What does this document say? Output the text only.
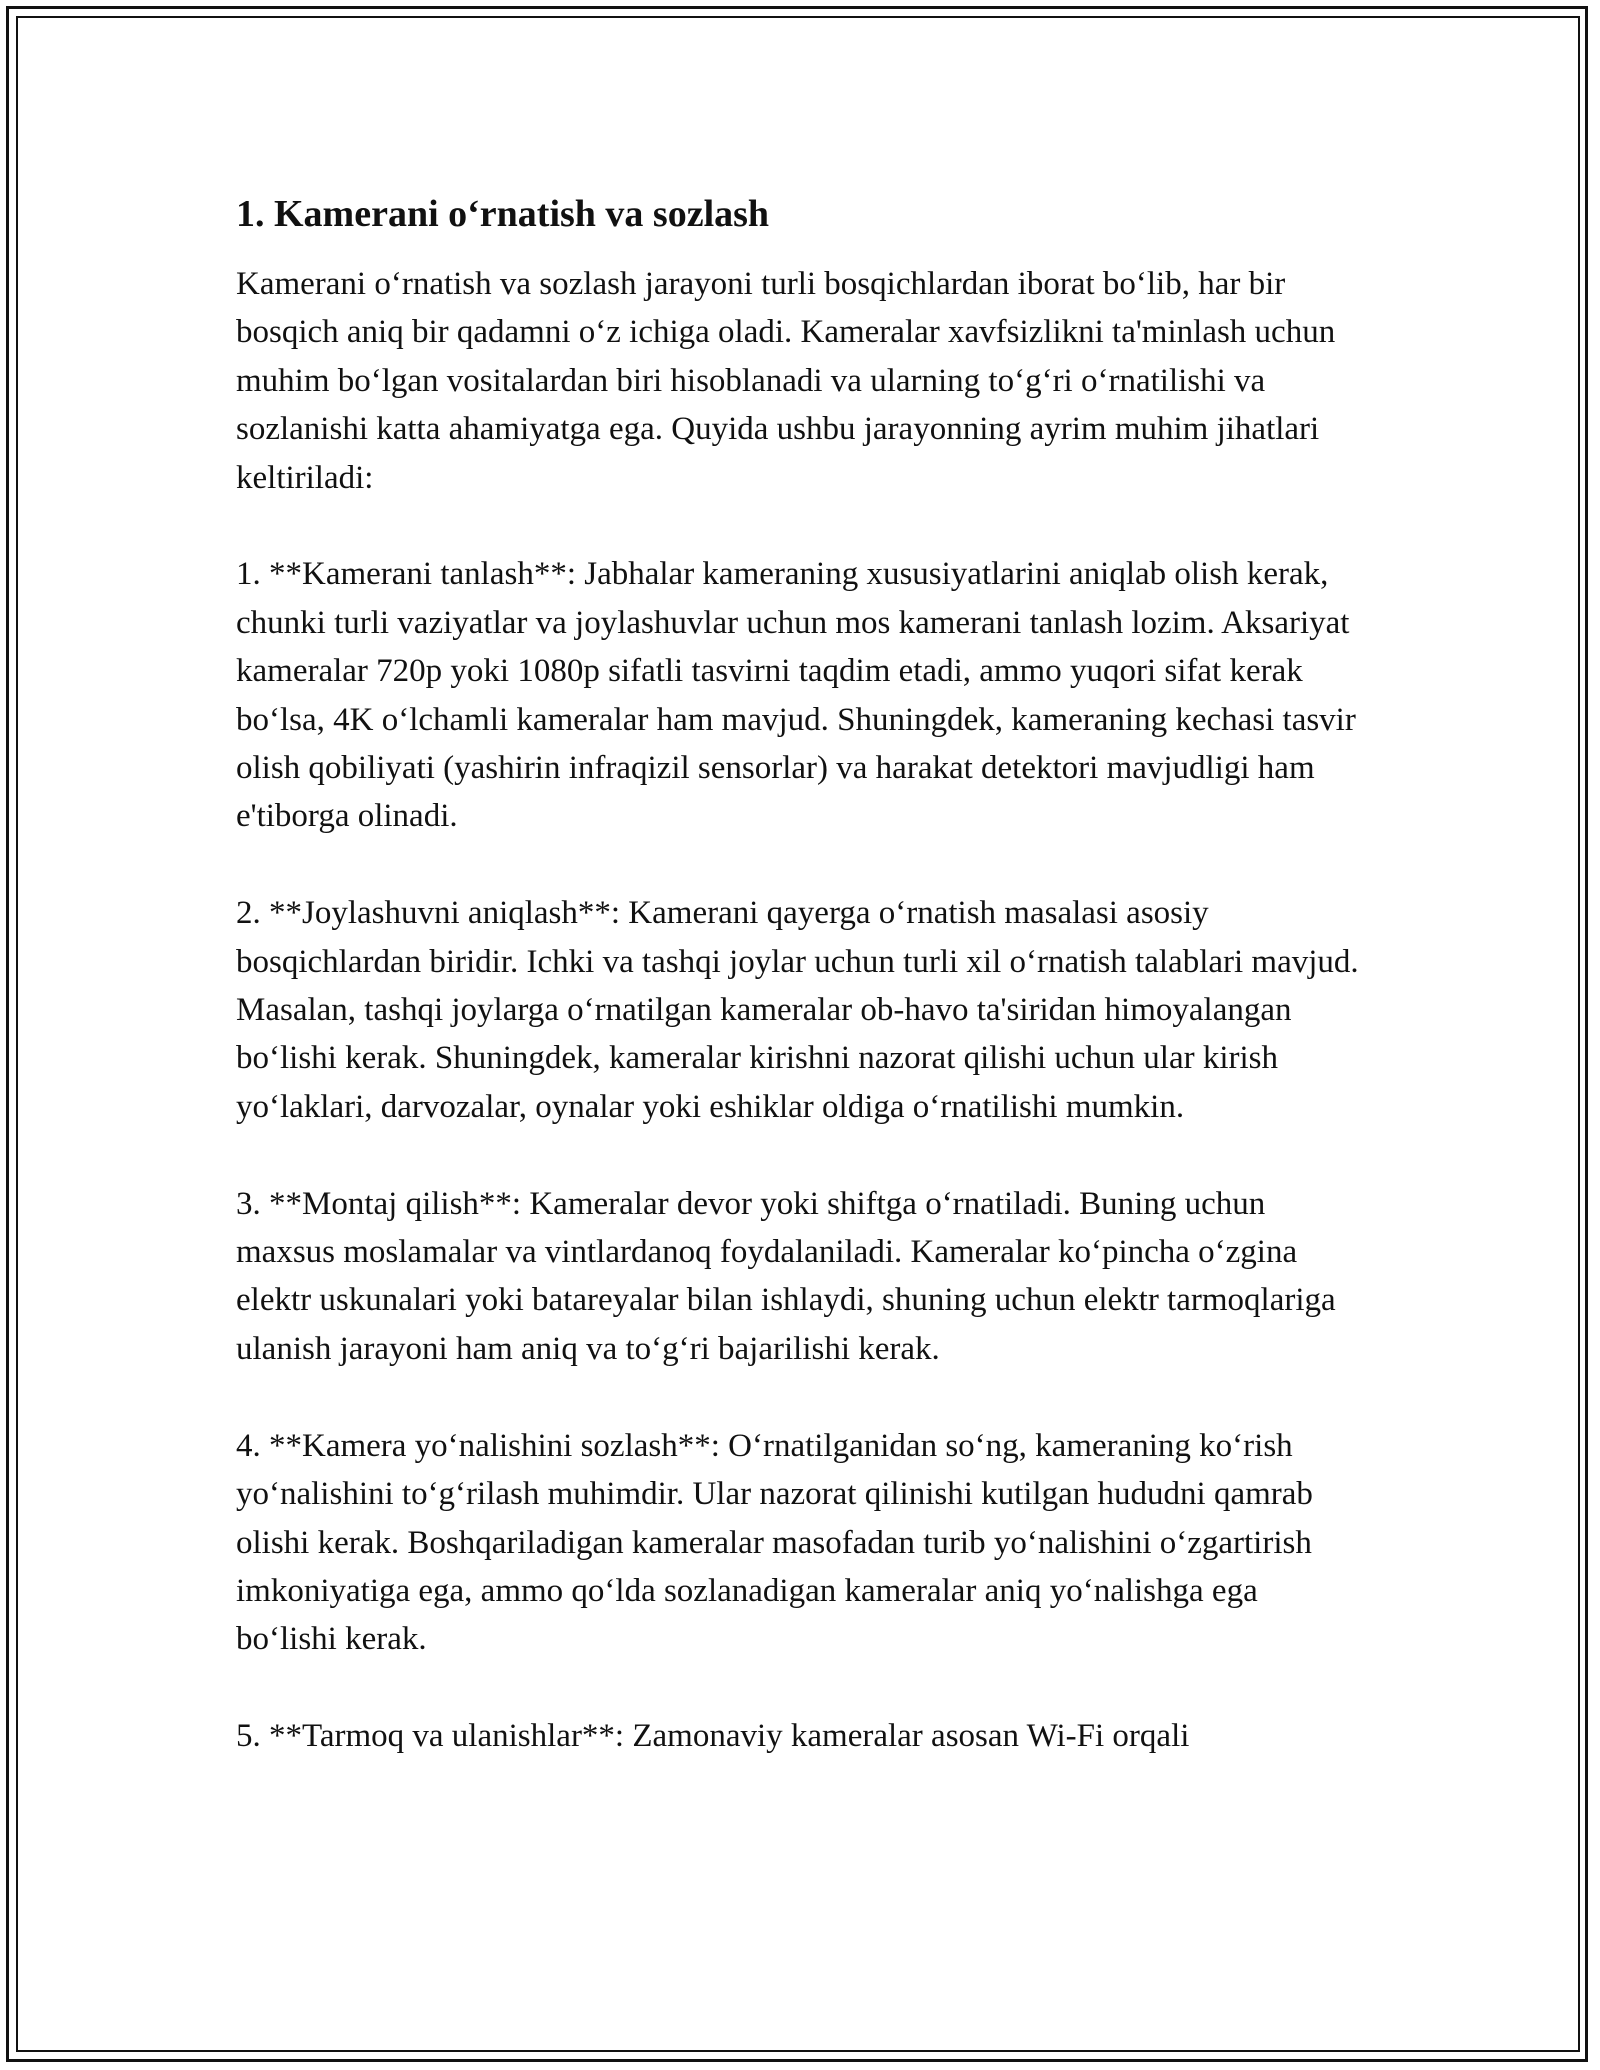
1. Kamerani oʻrnatish va sozlash

Kamerani oʻrnatish va sozlash jarayoni turli bosqichlardan iborat boʻlib, har bir bosqich aniq bir qadamni oʻz ichiga oladi. Kameralar xavfsizlikni ta'minlash uchun muhim boʻlgan vositalardan biri hisoblanadi va ularning toʻgʻri oʻrnatilishi va sozlanishi katta ahamiyatga ega. Quyida ushbu jarayonning ayrim muhim jihatlari keltiriladi:

1. **Kamerani tanlash**: Jabhalar kameraning xususiyatlarini aniqlab olish kerak, chunki turli vaziyatlar va joylashuvlar uchun mos kamerani tanlash lozim. Aksariyat kameralar 720p yoki 1080p sifatli tasvirni taqdim etadi, ammo yuqori sifat kerak boʻlsa, 4K oʻlchamli kameralar ham mavjud. Shuningdek, kameraning kechasi tasvir olish qobiliyati (yashirin infraqizil sensorlar) va harakat detektori mavjudligi ham e'tiborga olinadi.

2. **Joylashuvni aniqlash**: Kamerani qayerga oʻrnatish masalasi asosiy bosqichlardan biridir. Ichki va tashqi joylar uchun turli xil oʻrnatish talablari mavjud. Masalan, tashqi joylarga oʻrnatilgan kameralar ob-havo ta'siridan himoyalangan boʻlishi kerak. Shuningdek, kameralar kirishni nazorat qilishi uchun ular kirish yoʻlaklari, darvozalar, oynalar yoki eshiklar oldiga oʻrnatilishi mumkin.

3. **Montaj qilish**: Kameralar devor yoki shiftga oʻrnatiladi. Buning uchun maxsus moslamalar va vintlardanoq foydalaniladi. Kameralar koʻpincha oʻzgina elektr uskunalari yoki batareyalar bilan ishlaydi, shuning uchun elektr tarmoqlariga ulanish jarayoni ham aniq va toʻgʻri bajarilishi kerak.

4. **Kamera yoʻnalishini sozlash**: Oʻrnatilganidan soʻng, kameraning koʻrish yoʻnalishini toʻgʻrilash muhimdir. Ular nazorat qilinishi kutilgan hududni qamrab olishi kerak. Boshqariladigan kameralar masofadan turib yoʻnalishini oʻzgartirish imkoniyatiga ega, ammo qoʻlda sozlanadigan kameralar aniq yoʻnalishga ega boʻlishi kerak.

5. **Tarmoq va ulanishlar**: Zamonaviy kameralar asosan Wi-Fi orqali
